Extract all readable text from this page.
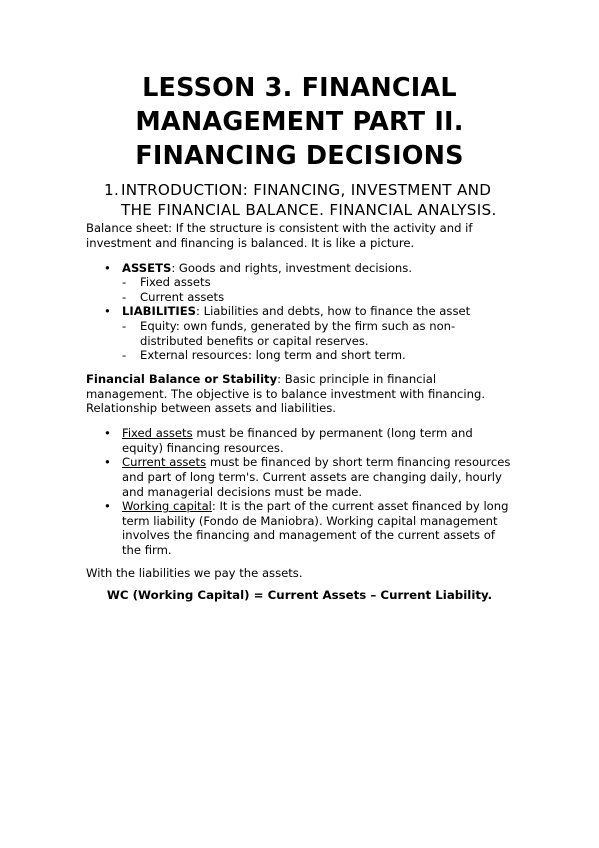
LESSON 3. FINANCIAL
MANAGEMENT PART II.
FINANCING DECISIONS
1. INTRODUCTION: FINANCING, INVESTMENT AND THE FINANCIAL BALANCE. FINANCIAL ANALYSIS.

Balance sheet: If the structure is consistent with the activity and if investment and financing is balanced. It is like a picture.

• ASSETS: Goods and rights, investment decisions.
- Fixed assets
- Current assets
• LIABILITIES: Liabilities and debts, how to finance the asset
- Equity: own funds, generated by the firm such as non-distributed benefits or capital reserves.
- External resources: long term and short term.

Financial Balance or Stability: Basic principle in financial management. The objective is to balance investment with financing. Relationship between assets and liabilities.

• Fixed assets must be financed by permanent (long term and equity) financing resources.
• Current assets must be financed by short term financing resources and part of long term's. Current assets are changing daily, hourly and managerial decisions must be made.
• Working capital: It is the part of the current asset financed by long term liability (Fondo de Maniobra). Working capital management involves the financing and management of the current assets of the firm.

With the liabilities we pay the assets.

WC (Working Capital) = Current Assets – Current Liability.
